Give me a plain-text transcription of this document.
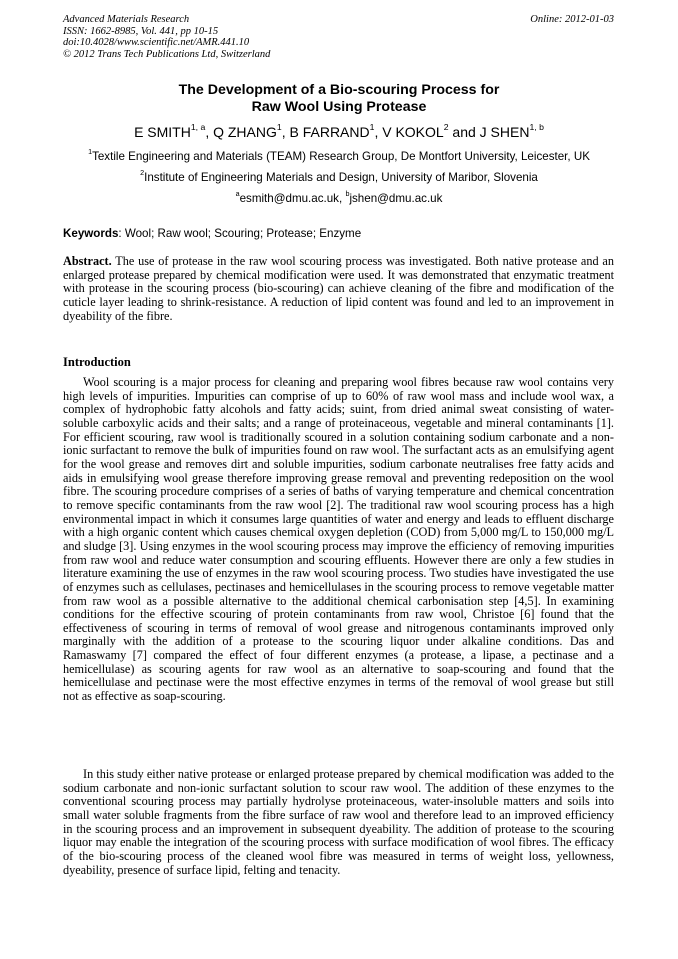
Advanced Materials Research
ISSN: 1662-8985, Vol. 441, pp 10-15
doi:10.4028/www.scientific.net/AMR.441.10
© 2012 Trans Tech Publications Ltd, Switzerland
Online: 2012-01-03
The Development of a Bio-scouring Process for
Raw Wool Using Protease
E SMITH$^{1, a}$, Q ZHANG$^1$, B FARRAND$^1$, V KOKOL$^2$ and J SHEN$^{1, b}$
$^1$Textile Engineering and Materials (TEAM) Research Group, De Montfort University, Leicester, UK
$^2$Institute of Engineering Materials and Design, University of Maribor, Slovenia
$^a$esmith@dmu.ac.uk, $^b$jshen@dmu.ac.uk
Keywords: Wool; Raw wool; Scouring; Protease; Enzyme
Abstract. The use of protease in the raw wool scouring process was investigated. Both native protease and an enlarged protease prepared by chemical modification were used. It was demonstrated that enzymatic treatment with protease in the scouring process (bio-scouring) can achieve cleaning of the fibre and modification of the cuticle layer leading to shrink-resistance. A reduction of lipid content was found and led to an improvement in dyeability of the fibre.
Introduction

Wool scouring is a major process for cleaning and preparing wool fibres because raw wool contains very high levels of impurities. Impurities can comprise of up to 60% of raw wool mass and include wool wax, a complex of hydrophobic fatty alcohols and fatty acids; suint, from dried animal sweat consisting of water-soluble carboxylic acids and their salts; and a range of proteinaceous, vegetable and mineral contaminants [1]. For efficient scouring, raw wool is traditionally scoured in a solution containing sodium carbonate and a non-ionic surfactant to remove the bulk of impurities found on raw wool. The surfactant acts as an emulsifying agent for the wool grease and removes dirt and soluble impurities, sodium carbonate neutralises free fatty acids and aids in emulsifying wool grease therefore improving grease removal and preventing redeposition on the wool fibre. The scouring procedure comprises of a series of baths of varying temperature and chemical concentration to remove specific contaminants from the raw wool [2]. The traditional raw wool scouring process has a high environmental impact in which it consumes large quantities of water and energy and leads to effluent discharge with a high organic content which causes chemical oxygen depletion (COD) from 5,000 mg/L to 150,000 mg/L and sludge [3]. Using enzymes in the wool scouring process may improve the efficiency of removing impurities from raw wool and reduce water consumption and scouring effluents. However there are only a few studies in literature examining the use of enzymes in the raw wool scouring process. Two studies have investigated the use of enzymes such as cellulases, pectinases and hemicellulases in the scouring process to remove vegetable matter from raw wool as a possible alternative to the additional chemical carbonisation step [4,5]. In examining conditions for the effective scouring of protein contaminants from raw wool, Christoe [6] found that the effectiveness of scouring in terms of removal of wool grease and nitrogenous contaminants improved only marginally with the addition of a protease to the scouring liquor under alkaline conditions. Das and Ramaswamy [7] compared the effect of four different enzymes (a protease, a lipase, a pectinase and a hemicellulase) as scouring agents for raw wool as an alternative to soap-scouring and found that the hemicellulase and pectinase were the most effective enzymes in terms of the removal of wool grease but still not as effective as soap-scouring.

In this study either native protease or enlarged protease prepared by chemical modification was added to the sodium carbonate and non-ionic surfactant solution to scour raw wool. The addition of these enzymes to the conventional scouring process may partially hydrolyse proteinaceous, water-insoluble matters and soils into small water soluble fragments from the fibre surface of raw wool and therefore lead to an improved efficiency in the scouring process and an improvement in subsequent dyeability. The addition of protease to the scouring liquor may enable the integration of the scouring process with surface modification of wool fibres. The efficacy of the bio-scouring process of the cleaned wool fibre was measured in terms of weight loss, yellowness, dyeability, presence of surface lipid, felting and tenacity.
